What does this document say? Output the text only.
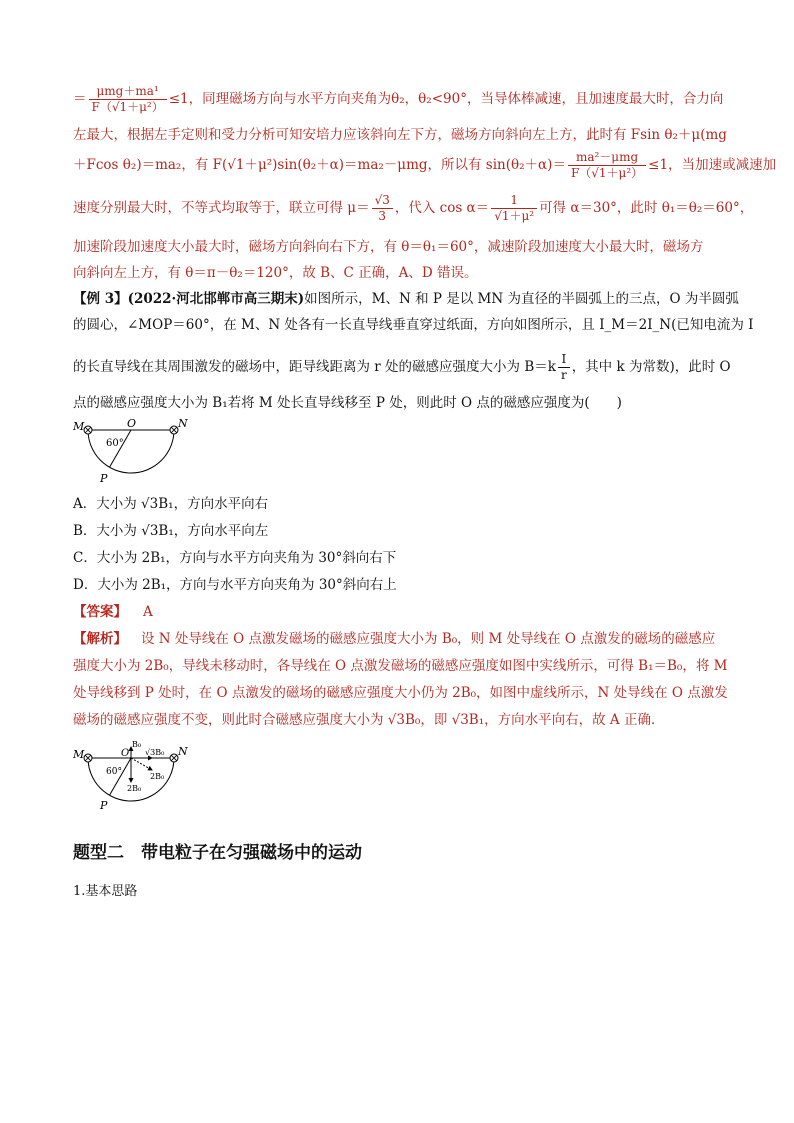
＝ $\frac{\text{μmg＋ma¹}}{\text{F（√1＋μ²）}} \le 1$，同理磁场方向与水平方向夹角为θ₂，θ₂<90°，当导体棒减速，且加速度最大时，合力向
左最大，根据左手定则和受力分析可知安培力应该斜向左下方，磁场方向斜向左上方，此时有 Fsin θ₂＋μ(mg
＋Fcos θ₂)＝ma₂，有 F(√1＋μ²)sin(θ₂＋α)＝ma₂－μmg，所以有 $\sin(\theta_2+\alpha)= \frac{\text{ma²－μmg}}{\text{F（√1＋μ²）}} \le 1$，当加速或减速加
速度分别最大时，不等式均取等于，联立可得 $\mu= \frac{√3}{3}$ ，代入 $\cos \alpha= \frac{1}{\text{√1＋μ²}}$ 可得 α＝30°，此时 θ₁＝θ₂＝60°，
加速阶段加速度大小最大时，磁场方向斜向右下方，有 θ＝θ₁＝60°，减速阶段加速度大小最大时，磁场方
向斜向左上方，有 θ＝π－θ₂＝120°，故 B、C 正确，A、D 错误。
【例 3】(2022·河北邯郸市高三期末)如图所示，M、N 和 P 是以 MN 为直径的半圆弧上的三点，O 为半圆弧
的圆心，∠MOP＝60°，在 M、N 处各有一长直导线垂直穿过纸面，方向如图所示，且 I_M＝2I_N(已知电流为 I
的长直导线在其周围激发的磁场中，距导线距离为 r 处的磁感应强度大小为 $B=k \frac{I}{r}$ ，其中 k 为常数)，此时 O
点的磁感应强度大小为 B₁若将 M 处长直导线移至 P 处，则此时 O 点的磁感应强度为(　　)
M	O	N
P
60°
A．大小为 √3B₁，方向水平向右
B．大小为 √3B₁，方向水平向左
C．大小为 2B₁，方向与水平方向夹角为 30°斜向右下
D．大小为 2B₁，方向与水平方向夹角为 30°斜向右上
【答案】 A
【解析】 设 N 处导线在 O 点激发磁场的磁感应强度大小为 B₀，则 M 处导线在 O 点激发的磁场的磁感应
强度大小为 2B₀，导线未移动时，各导线在 O 点激发磁场的磁感应强度如图中实线所示，可得 B₁＝B₀，将 M
处导线移到 P 处时，在 O 点激发的磁场的磁感应强度大小仍为 2B₀，如图中虚线所示，N 处导线在 O 点激发
磁场的磁感应强度不变，则此时合磁感应强度大小为 √3B₀，即 √3B₁，方向水平向右，故 A 正确．
M	O	N
P
60°
B₀
√3B₀
2B₀
2B₀
题型二　带电粒子在匀强磁场中的运动
1.基本思路
